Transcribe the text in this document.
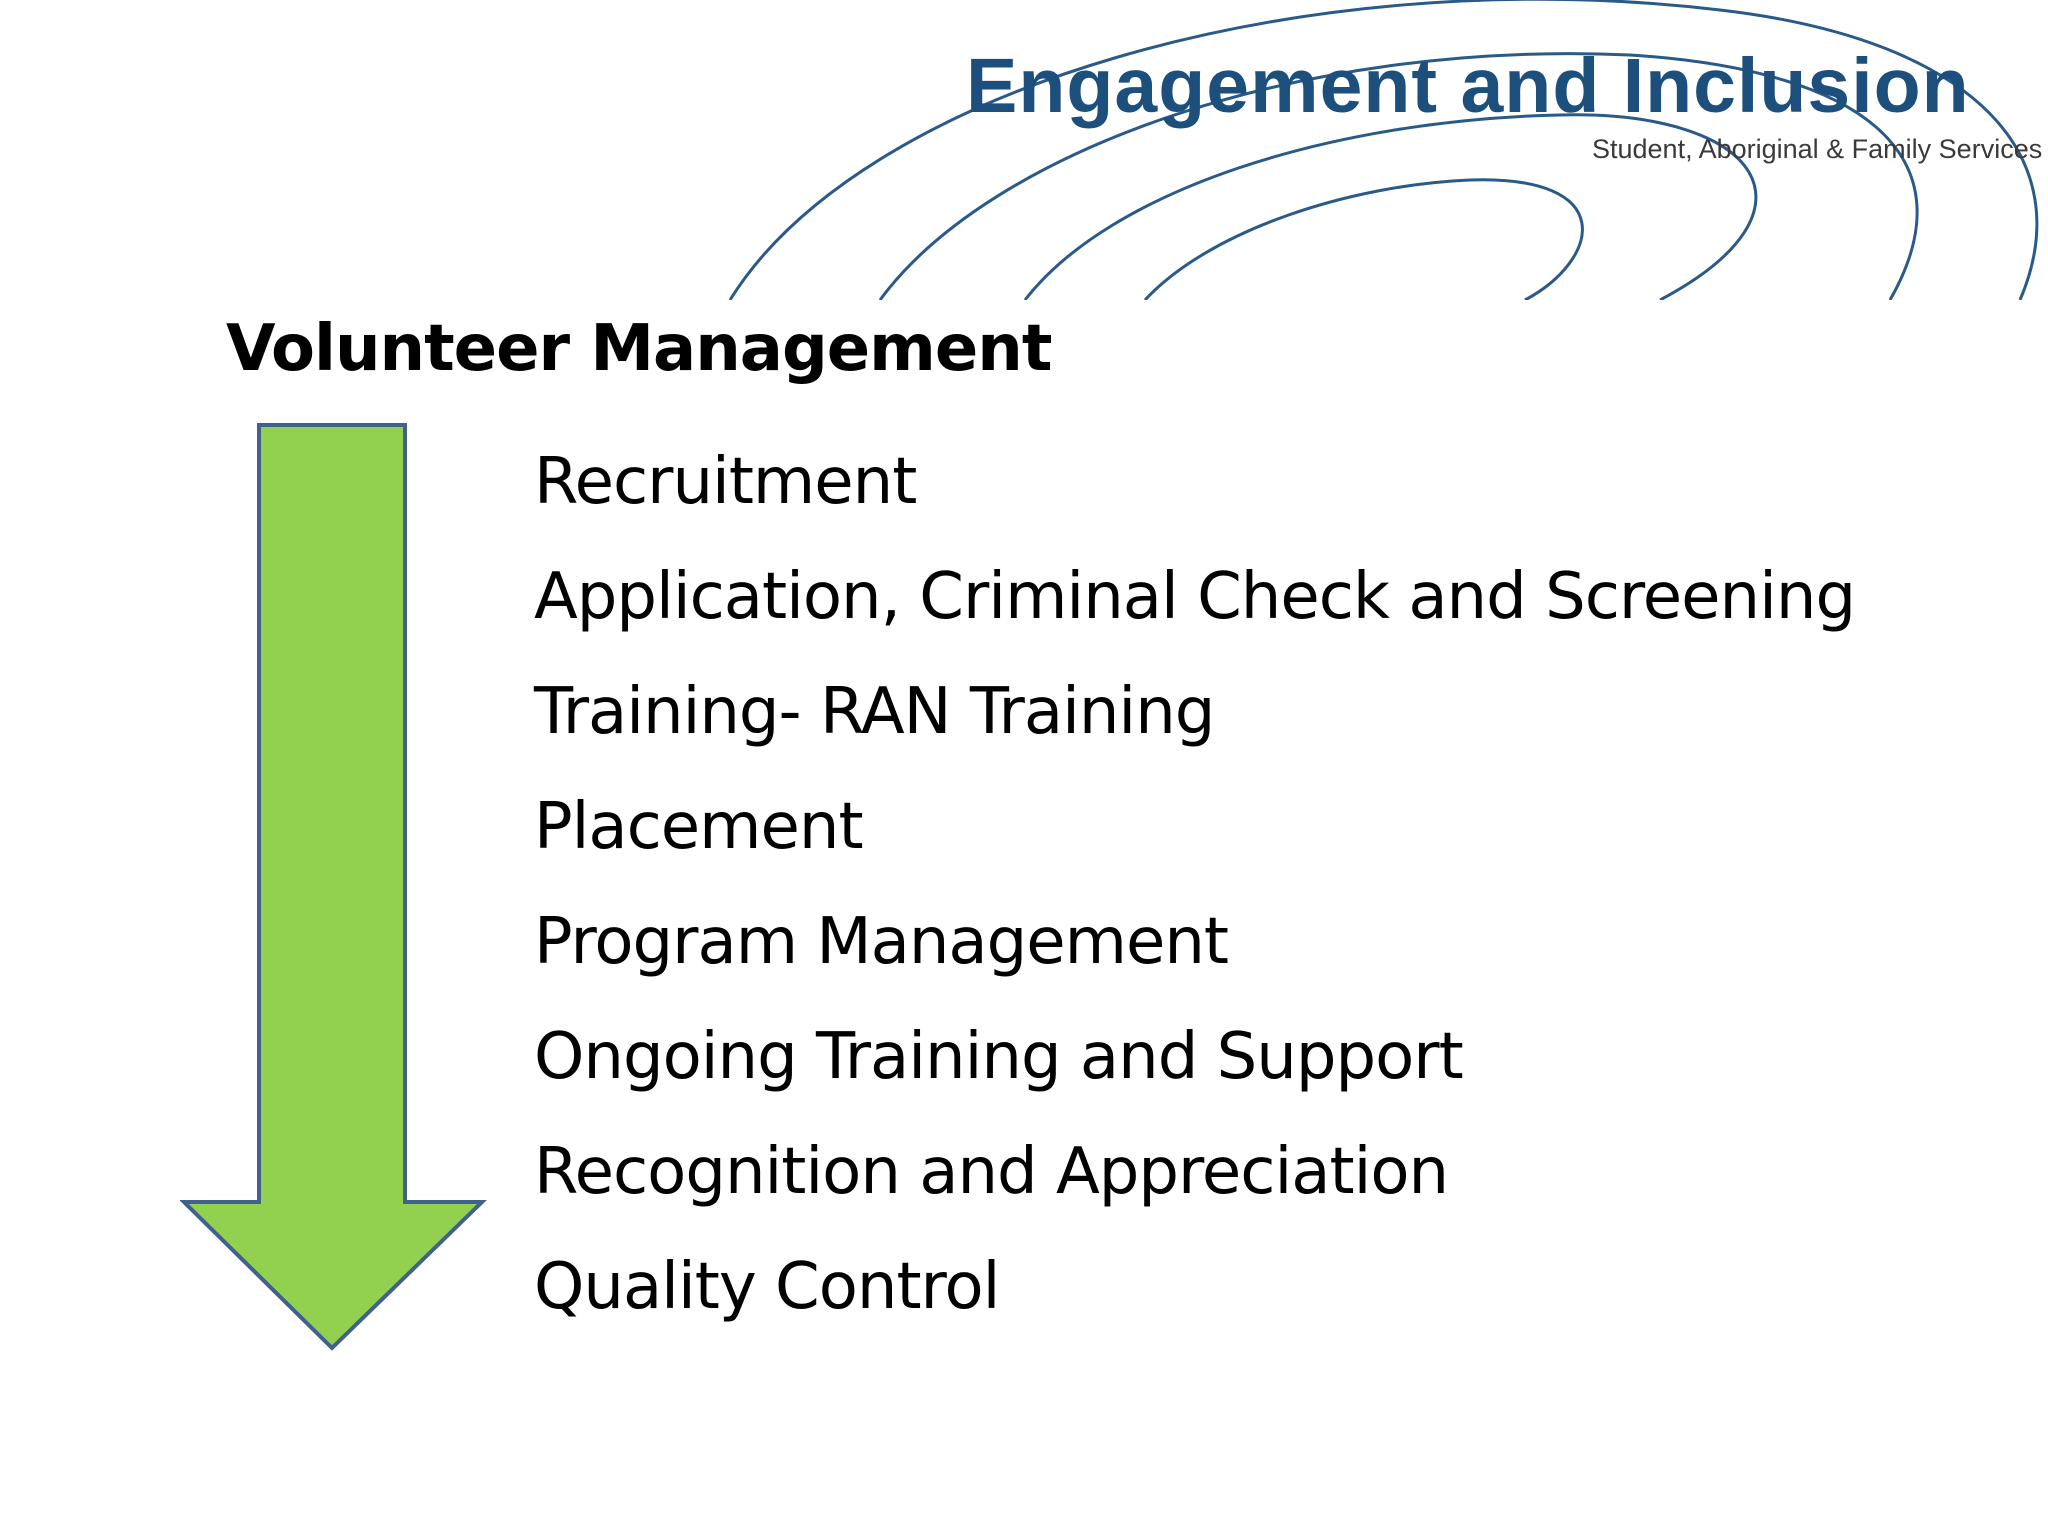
Engagement and Inclusion
Student, Aboriginal & Family Services
Volunteer Management
Recruitment
Application, Criminal Check and Screening
Training- RAN Training
Placement
Program Management
Ongoing Training and Support
Recognition and Appreciation
Quality Control
